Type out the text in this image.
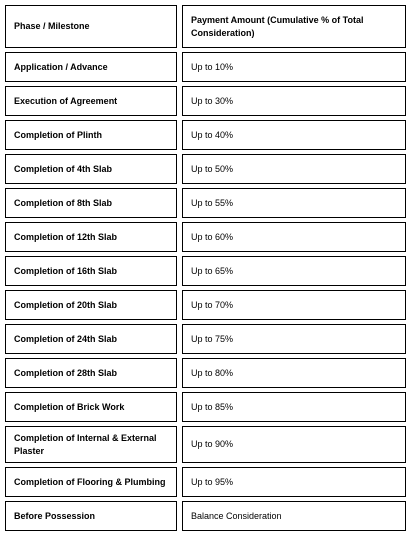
Phase / Milestone		Payment Amount (Cumulative % of Total Consideration)
Application / Advance		Up to 10%
Execution of Agreement		Up to 30%
Completion of Plinth		Up to 40%
Completion of 4th Slab		Up to 50%
Completion of 8th Slab		Up to 55%
Completion of 12th Slab		Up to 60%
Completion of 16th Slab		Up to 65%
Completion of 20th Slab		Up to 70%
Completion of 24th Slab		Up to 75%
Completion of 28th Slab		Up to 80%
Completion of Brick Work		Up to 85%
Completion of Internal & External Plaster		Up to 90%
Completion of Flooring & Plumbing		Up to 95%
Before Possession		Balance Consideration
